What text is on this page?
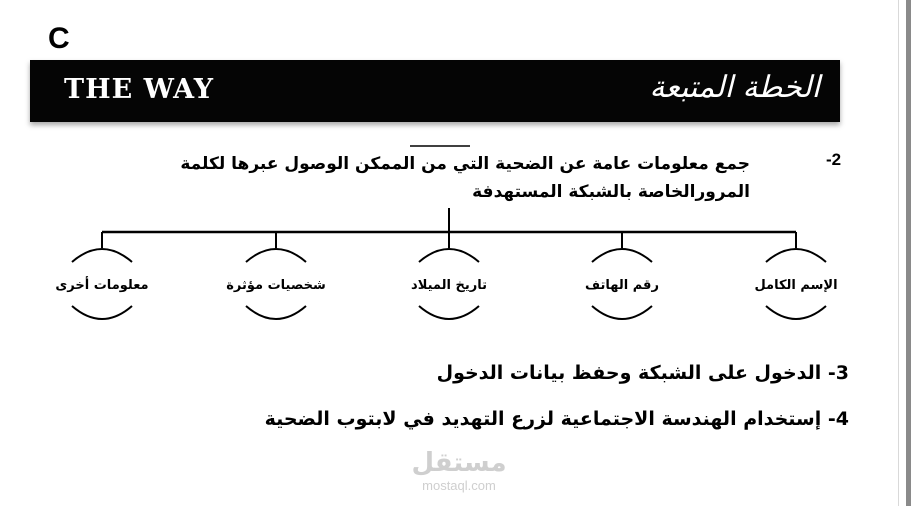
C
THE WAY	الخطة المتبعة
-2
جمع معلومات عامة عن الضحية التي من الممكن الوصول عبرها لكلمة المرورالخاصة بالشبكة المستهدفة
الإسم الكامل
رقم الهاتف
تاريخ الميلاد
شخصيات مؤثرة
معلومات أخرى
3- الدخول على الشبكة وحفظ بيانات الدخول
4- إستخدام الهندسة الاجتماعية لزرع التهديد في لابتوب الضحية
مستقل
mostaql.com
